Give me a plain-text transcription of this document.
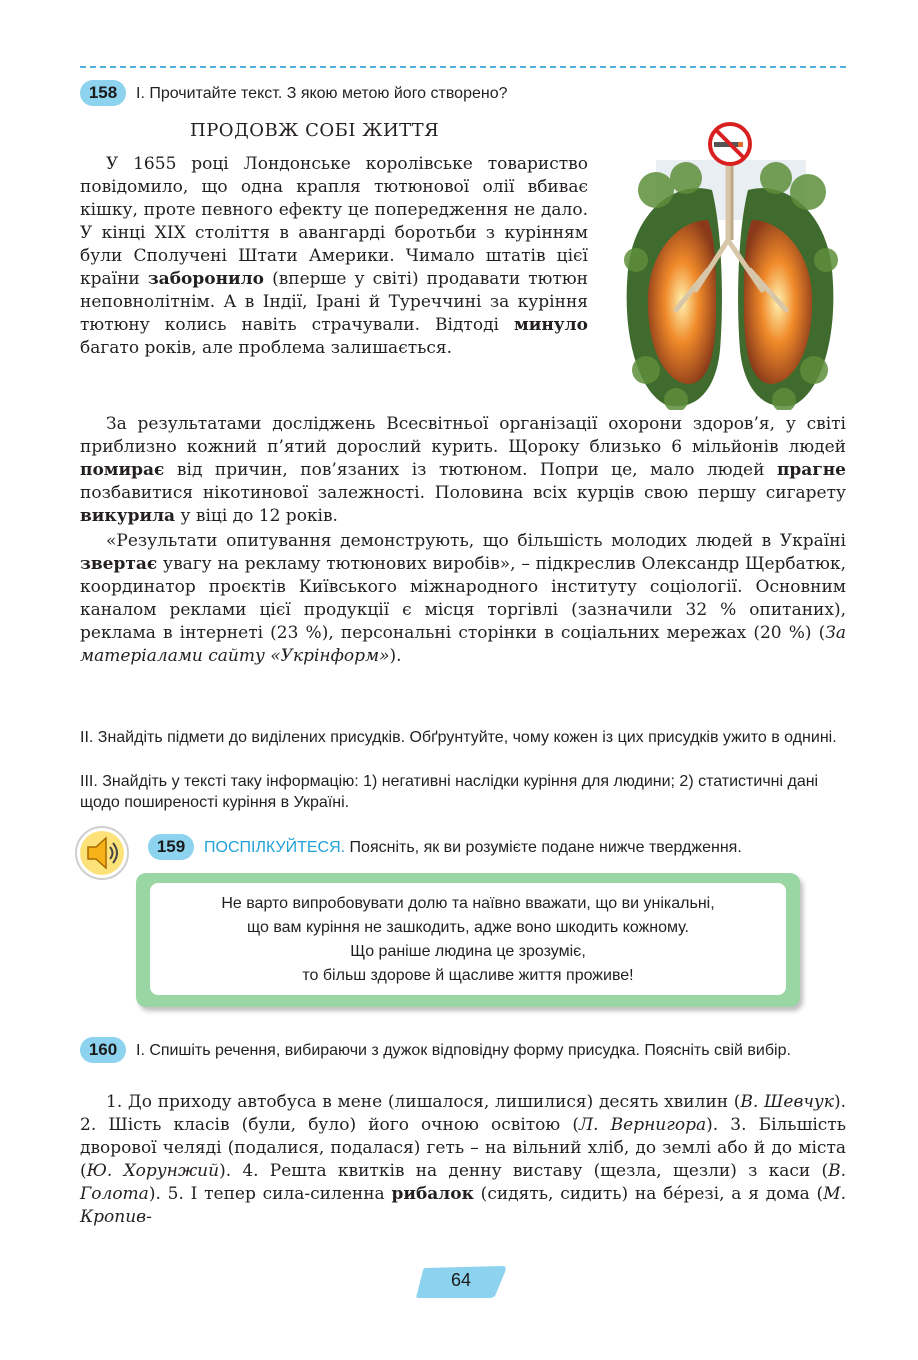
158	І. Прочитайте текст. З якою метою його створено?
ПРОДОВЖ СОБІ ЖИТТЯ

У 1655 році Лондонське королівське товариство повідомило, що одна крапля тютюнової олії вбиває кішку, проте певного ефекту це попередження не дало. У кінці XIX століття в авангарді боротьби з курінням були Сполучені Штати Америки. Чимало штатів цієї країни заборонило (вперше у світі) продавати тютюн неповнолітнім. А в Індії, Ірані й Туреччині за куріння тютюну колись навіть страчували. Відтоді минуло багато років, але проблема залишається.

За результатами досліджень Всесвітньої організації охорони здоров’я, у світі приблизно кожний п’ятий дорослий курить. Щороку близько 6 мільйонів людей помирає від причин, пов’язаних із тютюном. Попри це, мало людей прагне позбавитися нікотинової залежності. Половина всіх курців свою першу сигарету викурила у віці до 12 років.

«Результати опитування демонструють, що більшість молодих людей в Україні звертає увагу на рекламу тютюнових виробів», – підкреслив Олександр Щербатюк, координатор проєктів Київського міжнародного інституту соціології. Основним каналом реклами цієї продукції є місця торгівлі (зазначили 32 % опитаних), реклама в інтернеті (23 %), персональні сторінки в соціальних мережах (20 %) (За матеріалами сайту «Укрінформ»).

ІІ. Знайдіть підмети до виділених присудків. Обґрунтуйте, чому кожен із цих присудків ужито в однині.
ІІІ. Знайдіть у тексті таку інформацію: 1) негативні наслідки куріння для людини; 2) статистичні дані щодо поширеності куріння в Україні.
159	ПОСПІЛКУЙТЕСЯ. Поясніть, як ви розумієте подане нижче твердження.
Не варто випробовувати долю та наївно вважати, що ви унікальні,
що вам куріння не зашкодить, адже воно шкодить кожному.
Що раніше людина це зрозуміє,
то більш здорове й щасливе життя проживе!
160	І. Спишіть речення, вибираючи з дужок відповідну форму присудка. Поясніть свій вибір.

1. До приходу автобуса в мене (лишалося, лишилися) десять хвилин (В. Шевчук). 2. Шість класів (були, було) його очною освітою (Л. Вернигора). 3. Більшість дворової челяді (подалися, подалася) геть – на вільний хліб, до землі або й до міста (Ю. Хорунжий). 4. Решта квитків на денну виставу (щезла, щезли) з каси (В. Голота). 5. І тепер сила-силенна рибалок (сидять, сидить) на бéрезі, а я дома (М. Кропив-

64
